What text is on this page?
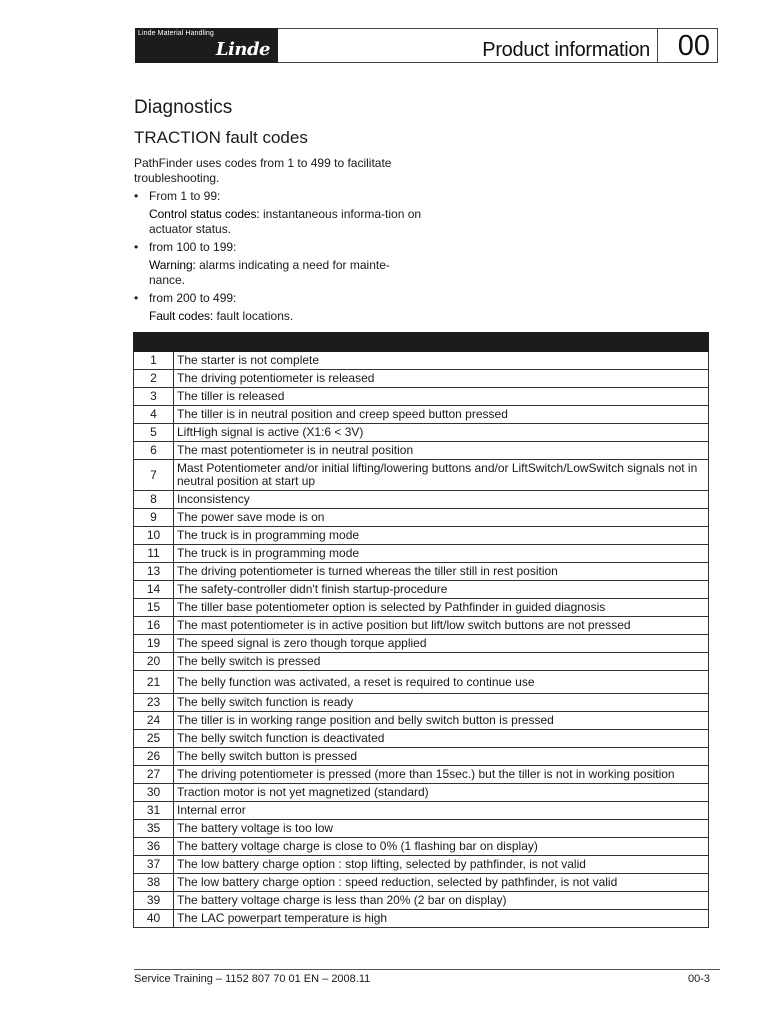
Linde Material Handling
Linde	Product information 00
Diagnostics
TRACTION fault codes

PathFinder uses codes from 1 to 499 to facilitate troubleshooting.

• From 1 to 99:
Control status codes: instantaneous informa-tion on actuator status.
• from 100 to 199:
Warning: alarms indicating a need for mainte-nance.
• from 200 to 499:
Fault codes: fault locations.

1	The starter is not complete
2	The driving potentiometer is released
3	The tiller is released
4	The tiller is in neutral position and creep speed button pressed
5	LiftHigh signal is active (X1:6 < 3V)
6	The mast potentiometer is in neutral position
7	Mast Potentiometer and/or initial lifting/lowering buttons and/or LiftSwitch/LowSwitch signals not in neutral position at start up
8	Inconsistency
9	The power save mode is on
10	The truck is in programming mode
11	The truck is in programming mode
13	The driving potentiometer is turned whereas the tiller still in rest position
14	The safety-controller didn't finish startup-procedure
15	The tiller base potentiometer option is selected by Pathfinder in guided diagnosis
16	The mast potentiometer is in active position but lift/low switch buttons are not pressed
19	The speed signal is zero though torque applied
20	The belly switch is pressed
21	The belly function was activated, a reset is required to continue use
23	The belly switch function is ready
24	The tiller is in working range position and belly switch button is pressed
25	The belly switch function is deactivated
26	The belly switch button is pressed
27	The driving potentiometer is pressed (more than 15sec.) but the tiller is not in working position
30	Traction motor is not yet magnetized (standard)
31	Internal error
35	The battery voltage is too low
36	The battery voltage charge is close to 0% (1 flashing bar on display)
37	The low battery charge option : stop lifting, selected by pathfinder, is not valid
38	The low battery charge option : speed reduction, selected by pathfinder, is not valid
39	The battery voltage charge is less than 20% (2 bar on display)
40	The LAC powerpart temperature is high
Service Training – 1152 807 70 01 EN – 2008.11	00-3
